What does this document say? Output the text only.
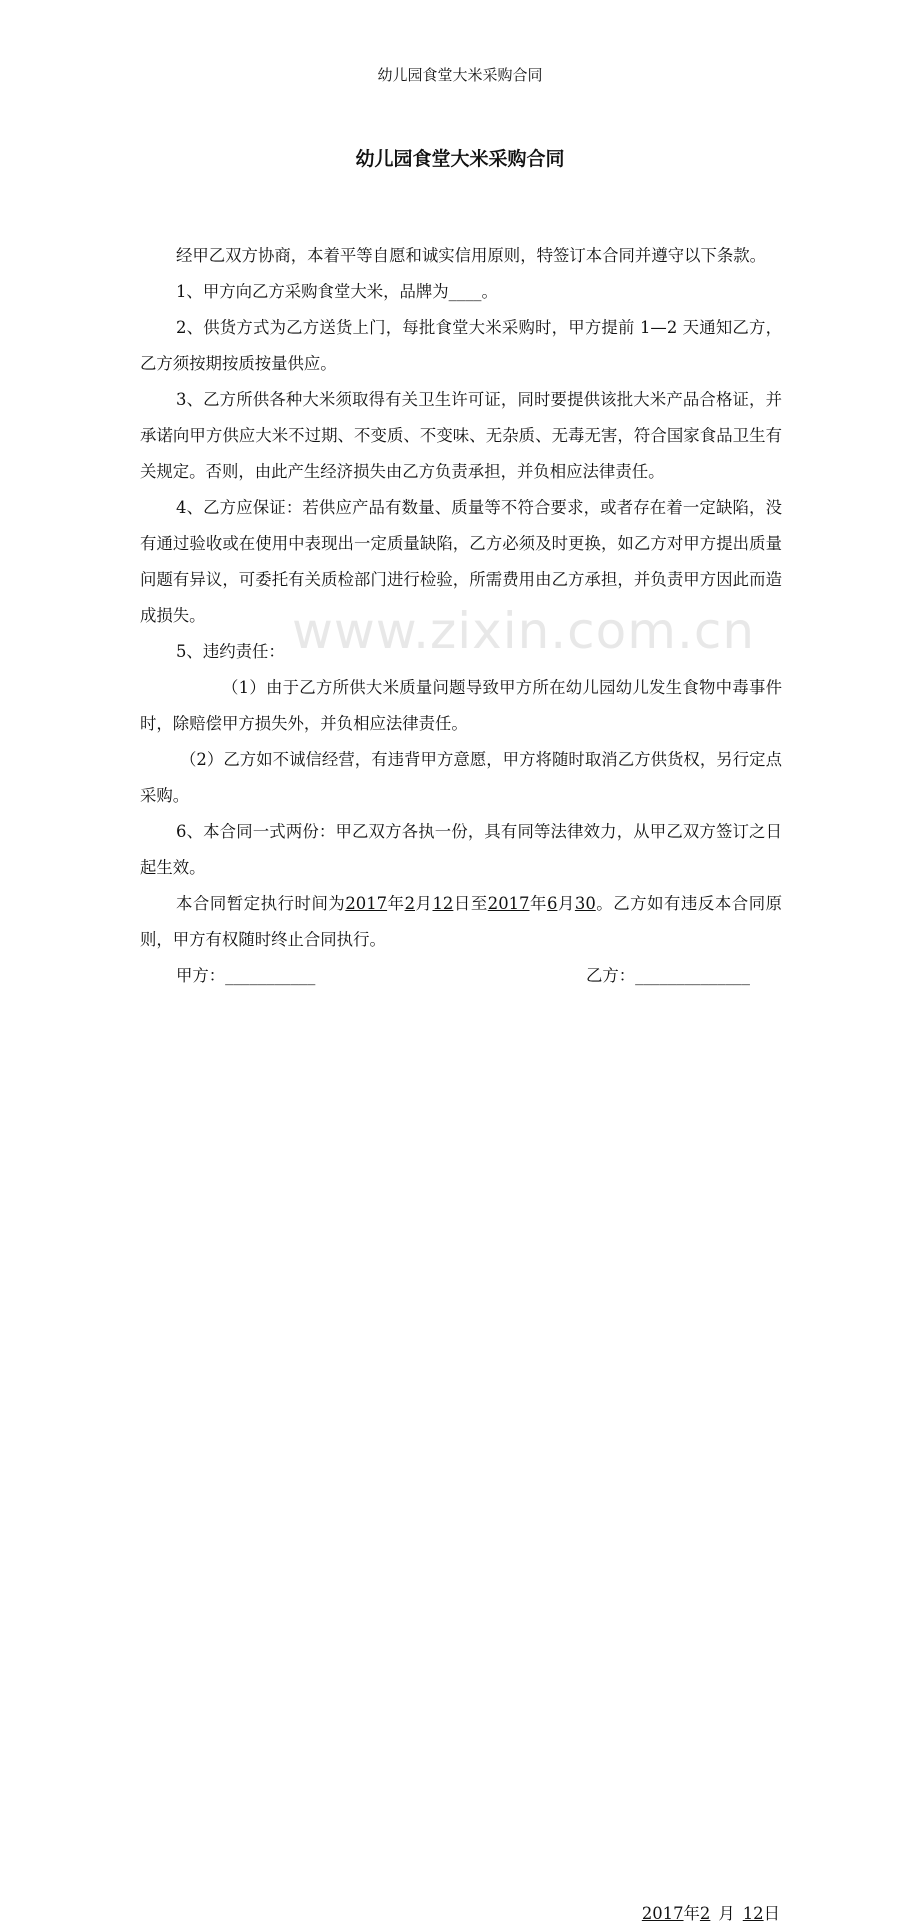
www.zixin.com.cn
幼儿园食堂大米采购合同
幼儿园食堂大米采购合同

经甲乙双方协商，本着平等自愿和诚实信用原则，特签订本合同并遵守以下条款。

1、甲方向乙方采购食堂大米，品牌为____。

2、供货方式为乙方送货上门，每批食堂大米采购时，甲方提前 1—2 天通知乙方，乙方须按期按质按量供应。

3、乙方所供各种大米须取得有关卫生许可证，同时要提供该批大米产品合格证，并承诺向甲方供应大米不过期、不变质、不变味、无杂质、无毒无害，符合国家食品卫生有关规定。否则，由此产生经济损失由乙方负责承担，并负相应法律责任。

4、乙方应保证：若供应产品有数量、质量等不符合要求，或者存在着一定缺陷，没有通过验收或在使用中表现出一定质量缺陷，乙方必须及时更换，如乙方对甲方提出质量问题有异议，可委托有关质检部门进行检验，所需费用由乙方承担，并负责甲方因此而造成损失。

5、违约责任：

（1）由于乙方所供大米质量问题导致甲方所在幼儿园幼儿发生食物中毒事件时，除赔偿甲方损失外，并负相应法律责任。

（2）乙方如不诚信经营，有违背甲方意愿，甲方将随时取消乙方供货权，另行定点采购。

6、本合同一式两份：甲乙双方各执一份，具有同等法律效力，从甲乙双方签订之日起生效。

本合同暂定执行时间为2017年2月12日至2017年6月30。乙方如有违反本合同原则，甲方有权随时终止合同执行。

甲方：___________	乙方：______________
2017年2 月 12日
